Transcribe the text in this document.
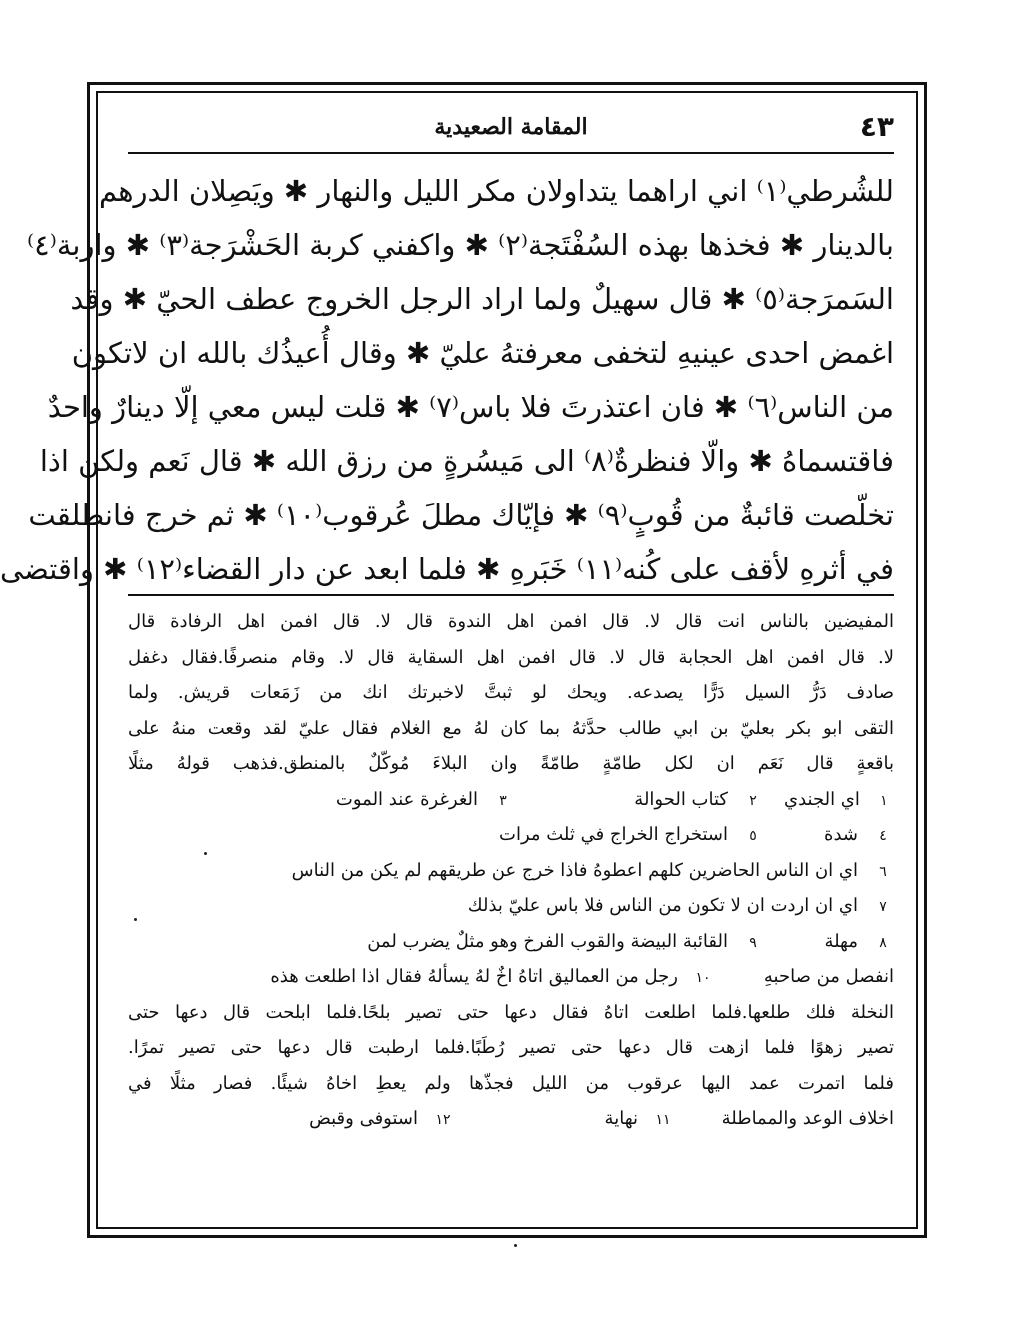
٤٣
المقامة الصعيدية
للشُرطي⁽١⁾ اني اراهما يتداولان مكر الليل والنهار ✱ ويَصِلان الدرهم
بالدينار ✱ فخذها بهذه السُفْتَجة⁽٢⁾ ✱ واكفني كربة الحَشْرَجة⁽٣⁾ ✱ واربة⁽٤⁾
السَمرَجة⁽٥⁾ ✱ قال سهيلٌ ولما اراد الرجل الخروج عطف الحيّ ✱ وقد
اغمض احدى عينيهِ لتخفى معرفتهُ عليّ ✱ وقال أُعيذُك بالله ان لاتكون
من الناس⁽٦⁾ ✱ فان اعتذرتَ فلا باس⁽٧⁾ ✱ قلت ليس معي إلّا دينارٌ واحدٌ
فاقتسماهُ ✱ والّا فنظرةٌ⁽٨⁾ الى مَيسُرةٍ من رزق الله ✱ قال نَعم ولكن اذا
تخلّصت قائبةٌ من قُوبٍ⁽٩⁾ ✱ فإيّاك مطلَ عُرقوب⁽١٠⁾ ✱ ثم خرج فانطلقت
في أثرهِ لأقف على كُنه⁽١١⁾ خَبَرهِ ✱ فلما ابعد عن دار القضاء⁽١٢⁾ ✱ واقتضى
المفيضين بالناس انت قال لا. قال افمن اهل الندوة قال لا. قال افمن اهل الرفادة قال
لا. قال افمن اهل الحجابة قال لا. قال افمن اهل السقاية قال لا. وقام منصرفًا.فقال دغفل
صادف دَرُّ السيل دَرًّا يصدعه. ويحك لو ثبتَّ لاخبرتك انك من زَمَعات قريش. ولما
التقى ابو بكر بعليّ بن ابي طالب حدَّثهُ بما كان لهُ مع الغلام فقال عليّ لقد وقعت منهُ على
باقعةٍ قال نَعَم ان لكل طامّةٍ طامّةً وان البلاءَ مُوكّلٌ بالمنطق.فذهب قولهُ مثلًا
١
اي الجندي
٢
كتاب الحوالة
٣
الغرغرة عند الموت
٤
شدة
٥
استخراج الخراج في ثلث مرات
٦
اي ان الناس الحاضرين كلهم اعطوهُ فاذا خرج عن طريقهم لم يكن من الناس
٧
اي ان اردت ان لا تكون من الناس فلا باس عليّ بذلك
٨
مهلة
٩
القائبة البيضة والقوب الفرخ وهو مثلٌ يضرب لمن
انفصل من صاحبهِ
١٠
رجل من العماليق اتاهُ اخٌ لهُ يسألهُ فقال اذا اطلعت هذه
النخلة فلك طلعها.فلما اطلعت اتاهُ فقال دعها حتى تصير بلحًا.فلما ابلحت قال دعها حتى
تصير زهوًا فلما ازهت قال دعها حتى تصير رُطَبًا.فلما ارطبت قال دعها حتى تصير تمرًا.
فلما اتمرت عمد اليها عرقوب من الليل فجذّها ولم يعطِ اخاهُ شيئًا. فصار مثلًا في
اخلاف الوعد والمماطلة
١١
نهاية
١٢
استوفى وقبض
